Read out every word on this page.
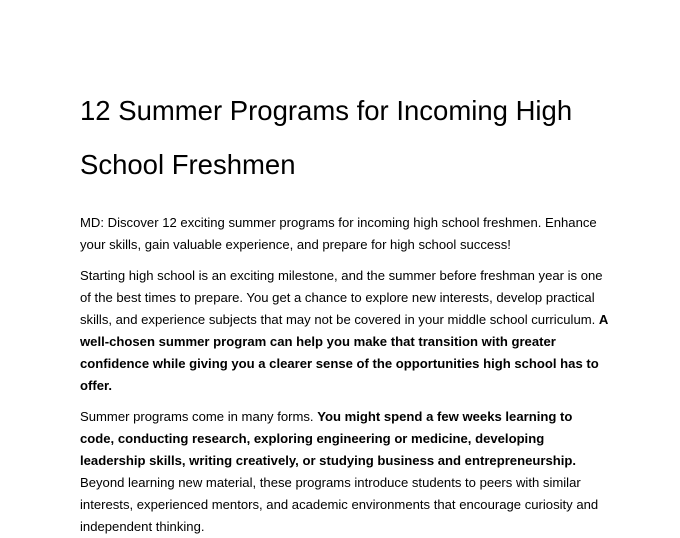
12 Summer Programs for Incoming High School Freshmen

MD: Discover 12 exciting summer programs for incoming high school freshmen. Enhance your skills, gain valuable experience, and prepare for high school success!

Starting high school is an exciting milestone, and the summer before freshman year is one of the best times to prepare. You get a chance to explore new interests, develop practical skills, and experience subjects that may not be covered in your middle school curriculum. A well-chosen summer program can help you make that transition with greater confidence while giving you a clearer sense of the opportunities high school has to offer.

Summer programs come in many forms. You might spend a few weeks learning to code, conducting research, exploring engineering or medicine, developing leadership skills, writing creatively, or studying business and entrepreneurship. Beyond learning new material, these programs introduce students to peers with similar interests, experienced mentors, and academic environments that encourage curiosity and independent thinking.
